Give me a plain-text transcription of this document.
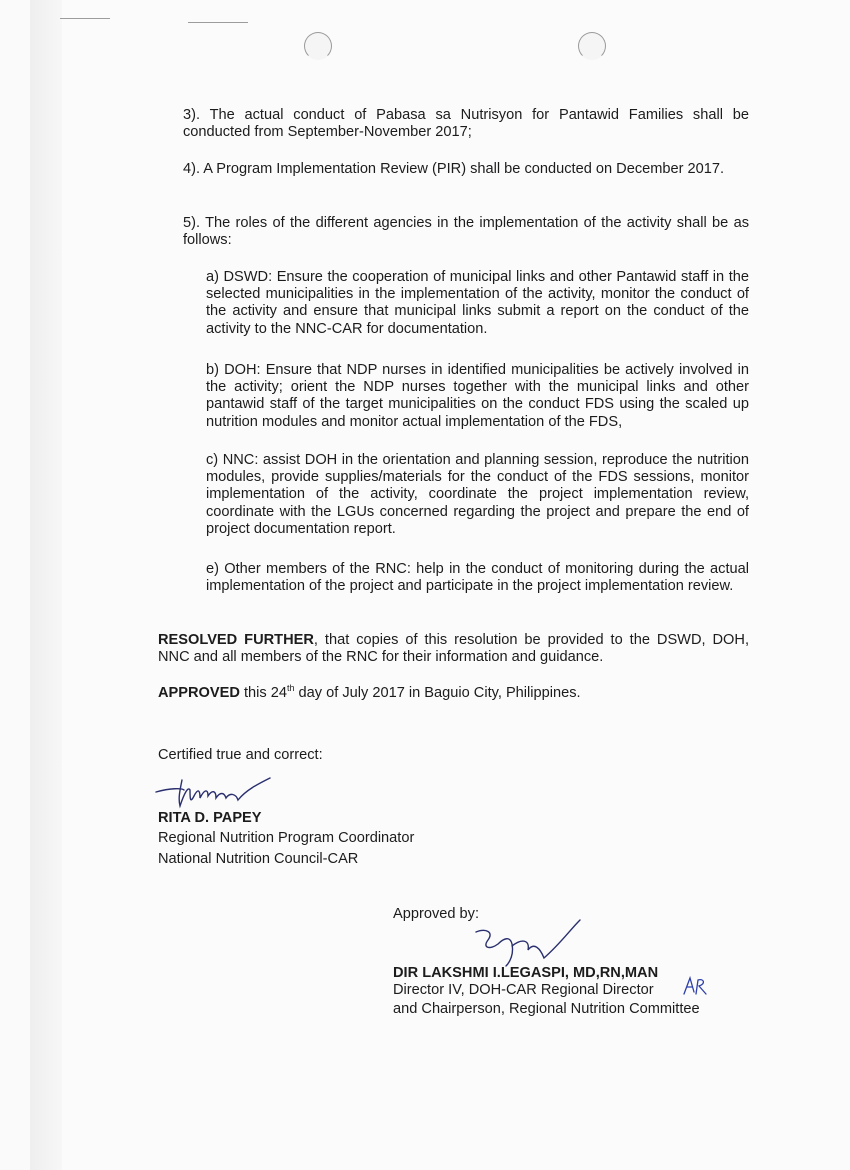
3). The actual conduct of Pabasa sa Nutrisyon for Pantawid Families shall be conducted from September-November 2017;

4). A Program Implementation Review (PIR) shall be conducted on December 2017.

5). The roles of the different agencies in the implementation of the activity shall be as follows:

a) DSWD: Ensure the cooperation of municipal links and other Pantawid staff in the selected municipalities in the implementation of the activity, monitor the conduct of the activity and ensure that municipal links submit a report on the conduct of the activity to the NNC-CAR for documentation.

b) DOH: Ensure that NDP nurses in identified municipalities be actively involved in the activity; orient the NDP nurses together with the municipal links and other pantawid staff of the target municipalities on the conduct FDS using the scaled up nutrition modules and monitor actual implementation of the FDS,

c) NNC: assist DOH in the orientation and planning session, reproduce the nutrition modules, provide supplies/materials for the conduct of the FDS sessions, monitor implementation of the activity, coordinate the project implementation review, coordinate with the LGUs concerned regarding the project and prepare the end of project documentation report.

e) Other members of the RNC: help in the conduct of monitoring during the actual implementation of the project and participate in the project implementation review.

RESOLVED FURTHER, that copies of this resolution be provided to the DSWD, DOH, NNC and all members of the RNC for their information and guidance.

APPROVED this 24th day of July 2017 in Baguio City, Philippines.

Certified true and correct:

RITA D. PAPEY

Regional Nutrition Program Coordinator

National Nutrition Council-CAR

Approved by:

DIR LAKSHMI I.LEGASPI, MD,RN,MAN

Director IV, DOH-CAR Regional Director

and Chairperson, Regional Nutrition Committee
